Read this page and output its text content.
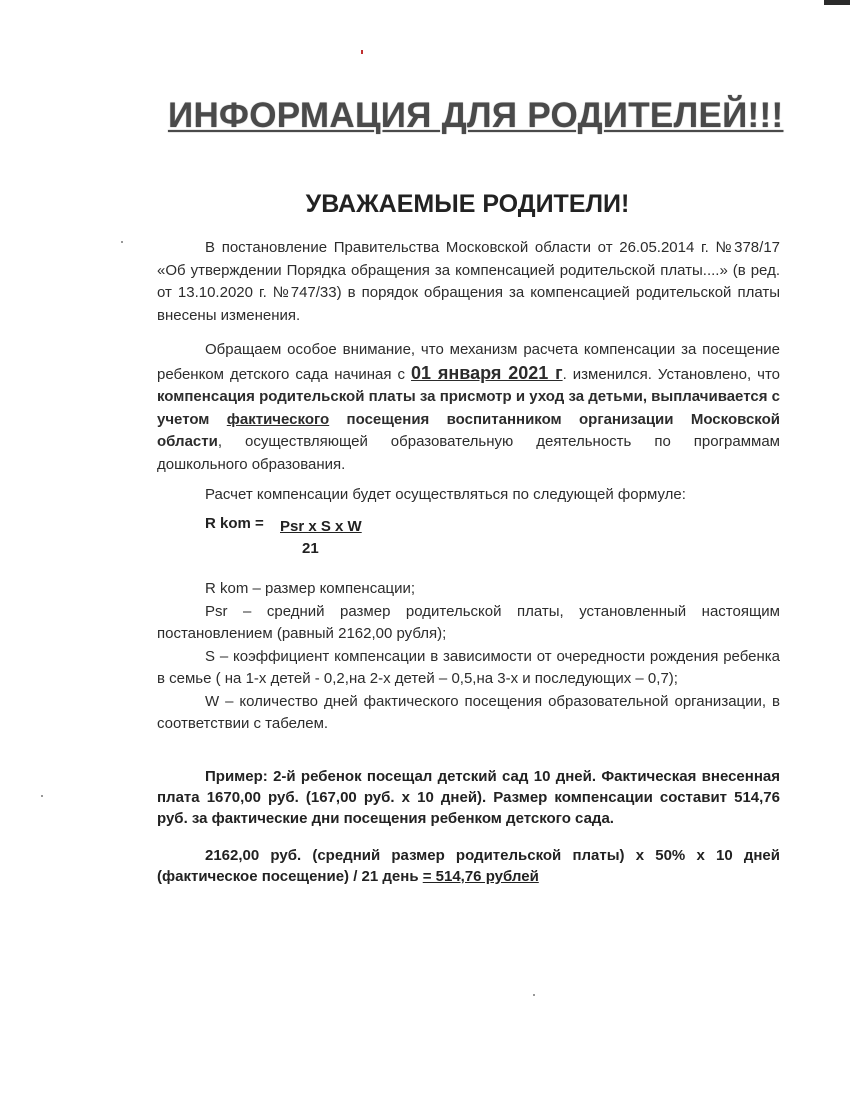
ИНФОРМАЦИЯ ДЛЯ РОДИТЕЛЕЙ!!!
УВАЖАЕМЫЕ РОДИТЕЛИ!

В постановление Правительства Московской области от 26.05.2014 г. №378/17 «Об утверждении Порядка обращения за компенсацией родительской платы....» (в ред. от 13.10.2020 г. №747/33) в порядок обращения за компенсацией родительской платы внесены изменения.

Обращаем особое внимание, что механизм расчета компенсации за посещение ребенком детского сада начиная с 01 января 2021 г. изменился. Установлено, что компенсация родительской платы за присмотр и уход за детьми, выплачивается с учетом фактического посещения воспитанником организации Московской области, осуществляющей образовательную деятельность по программам дошкольного образования.

Расчет компенсации будет осуществляться по следующей формуле:

R kom = Psr x S x W
21

R kom – размер компенсации;

Psr – средний размер родительской платы, установленный настоящим постановлением (равный 2162,00 рубля);

S – коэффициент компенсации в зависимости от очередности рождения ребенка в семье ( на 1-х детей - 0,2,на 2-х детей – 0,5,на 3-х и последующих – 0,7);

W – количество дней фактического посещения образовательной организации, в соответствии с табелем.

Пример: 2-й ребенок посещал детский сад 10 дней. Фактическая внесенная плата 1670,00 руб. (167,00 руб. х 10 дней). Размер компенсации составит 514,76 руб. за фактические дни посещения ребенком детского сада.

2162,00 руб. (средний размер родительской платы) х 50% х 10 дней (фактическое посещение) / 21 день = 514,76 рублей
